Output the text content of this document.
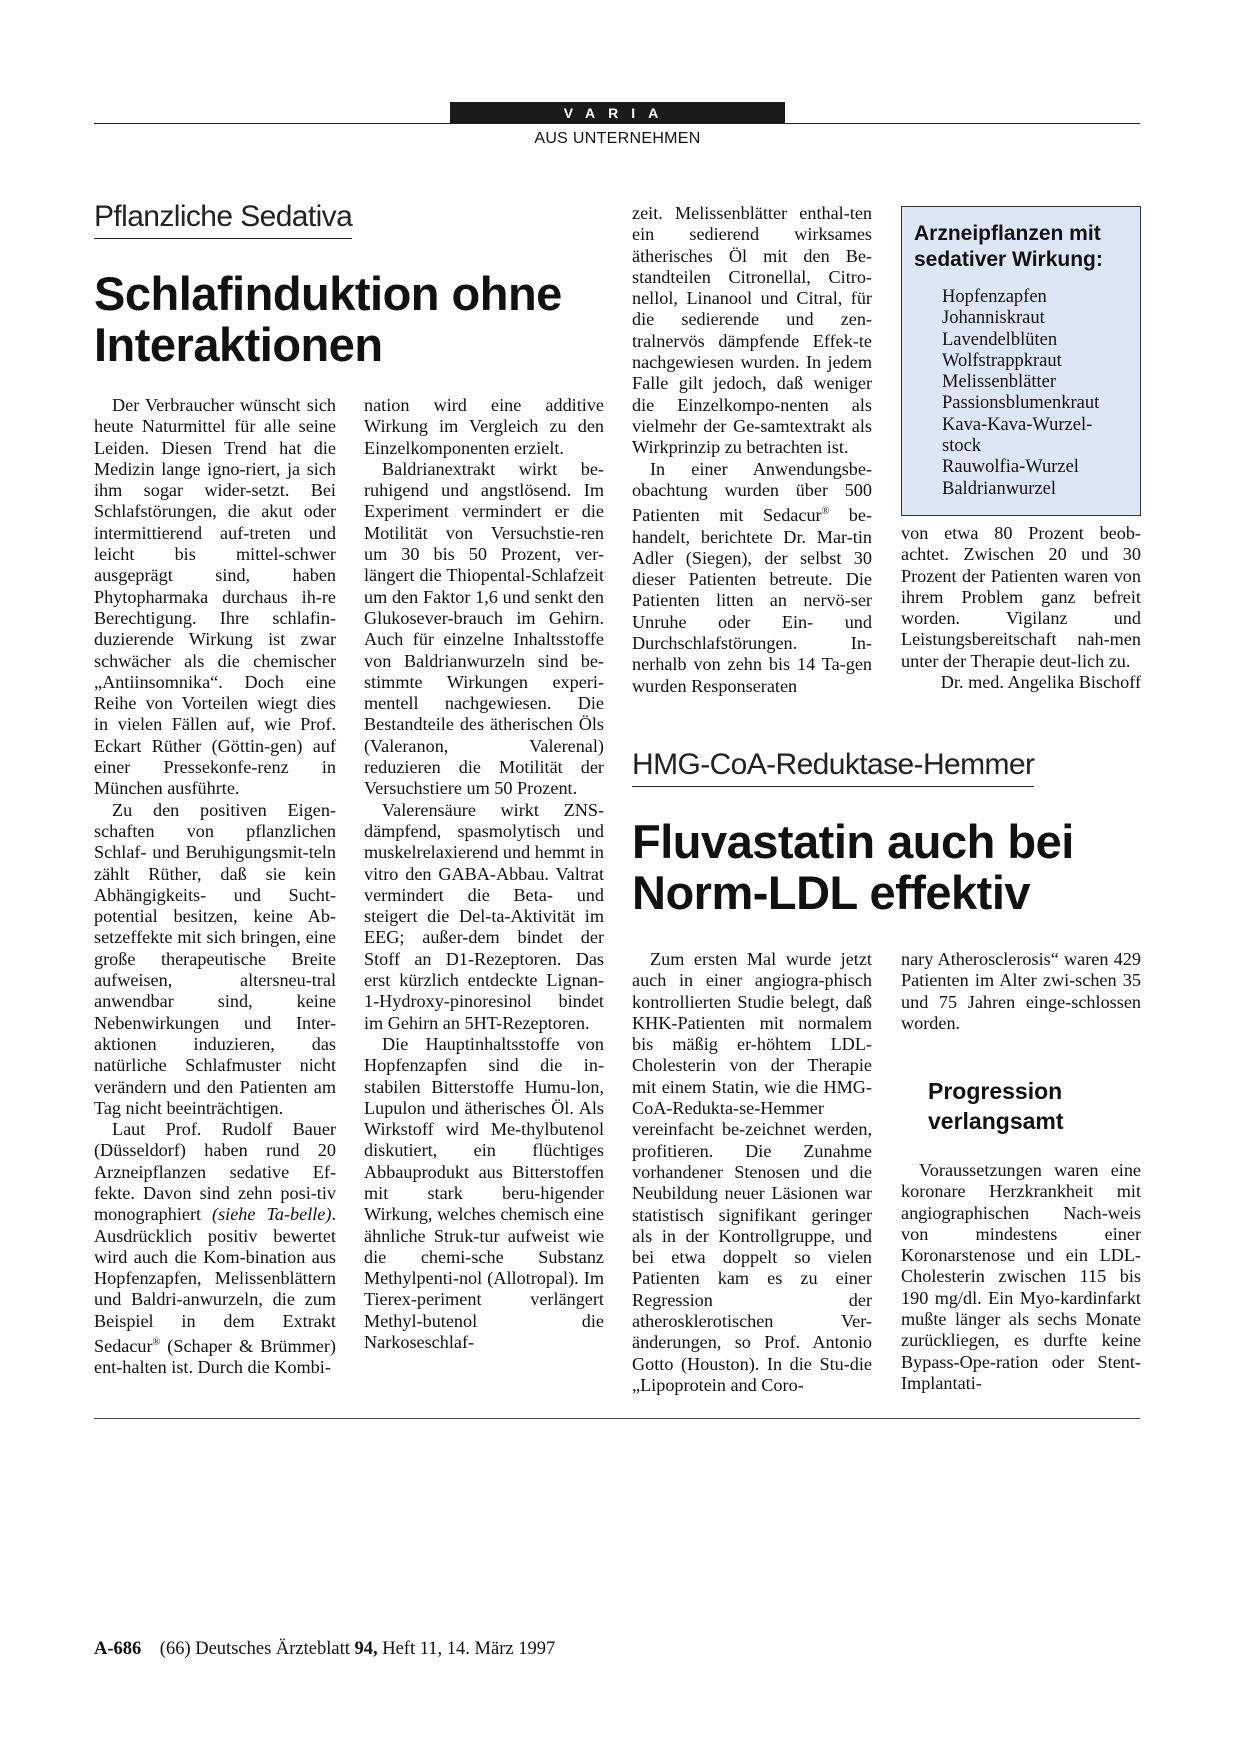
VARIA
AUS UNTERNEHMEN
Pflanzliche Sedativa
Schlafinduktion ohne
Interaktionen

Der Verbraucher wünscht sich heute Naturmittel für alle seine Leiden. Diesen Trend hat die Medizin lange igno-riert, ja sich ihm sogar wider-setzt. Bei Schlafstörungen, die akut oder intermittierend auf-treten und leicht bis mittel-schwer ausgeprägt sind, haben Phytopharmaka durchaus ih-re Berechtigung. Ihre schlafin-duzierende Wirkung ist zwar schwächer als die chemischer „Antiinsomnika“. Doch eine Reihe von Vorteilen wiegt dies in vielen Fällen auf, wie Prof. Eckart Rüther (Göttin-gen) auf einer Pressekonfe-renz in München ausführte.

Zu den positiven Eigen-schaften von pflanzlichen Schlaf- und Beruhigungsmit-teln zählt Rüther, daß sie kein Abhängigkeits- und Sucht-potential besitzen, keine Ab-setzeffekte mit sich bringen, eine große therapeutische Breite aufweisen, altersneu-tral anwendbar sind, keine Nebenwirkungen und Inter-aktionen induzieren, das natürliche Schlafmuster nicht verändern und den Patienten am Tag nicht beeinträchtigen.

Laut Prof. Rudolf Bauer (Düsseldorf) haben rund 20 Arzneipflanzen sedative Ef-fekte. Davon sind zehn posi-tiv monographiert (siehe Ta-belle). Ausdrücklich positiv bewertet wird auch die Kom-bination aus Hopfenzapfen, Melissenblättern und Baldri-anwurzeln, die zum Beispiel in dem Extrakt Sedacur® (Schaper & Brümmer) ent-halten ist. Durch die Kombi-

nation wird eine additive Wirkung im Vergleich zu den Einzelkomponenten erzielt.

Baldrianextrakt wirkt be-ruhigend und angstlösend. Im Experiment vermindert er die Motilität von Versuchstie-ren um 30 bis 50 Prozent, ver-längert die Thiopental-Schlafzeit um den Faktor 1,6 und senkt den Glukosever-brauch im Gehirn. Auch für einzelne Inhaltsstoffe von Baldrianwurzeln sind be-stimmte Wirkungen experi-mentell nachgewiesen. Die Bestandteile des ätherischen Öls (Valeranon, Valerenal) reduzieren die Motilität der Versuchstiere um 50 Prozent.

Valerensäure wirkt ZNS-dämpfend, spasmolytisch und muskelrelaxierend und hemmt in vitro den GABA-Abbau. Valtrat vermindert die Beta- und steigert die Del-ta-Aktivität im EEG; außer-dem bindet der Stoff an D1-Rezeptoren. Das erst kürzlich entdeckte Lignan-1-Hydroxy-pinoresinol bindet im Gehirn an 5HT-Rezeptoren.

Die Hauptinhaltsstoffe von Hopfenzapfen sind die in-stabilen Bitterstoffe Humu-lon, Lupulon und ätherisches Öl. Als Wirkstoff wird Me-thylbutenol diskutiert, ein flüchtiges Abbauprodukt aus Bitterstoffen mit stark beru-higender Wirkung, welches chemisch eine ähnliche Struk-tur aufweist wie die chemi-sche Substanz Methylpenti-nol (Allotropal). Im Tierex-periment verlängert Methyl-butenol die Narkoseschlaf-

zeit. Melissenblätter enthal-ten ein sedierend wirksames ätherisches Öl mit den Be-standteilen Citronellal, Citro-nellol, Linanool und Citral, für die sedierende und zen-tralnervös dämpfende Effek-te nachgewiesen wurden. In jedem Falle gilt jedoch, daß weniger die Einzelkompo-nenten als vielmehr der Ge-samtextrakt als Wirkprinzip zu betrachten ist.

In einer Anwendungsbe-obachtung wurden über 500 Patienten mit Sedacur® be-handelt, berichtete Dr. Mar-tin Adler (Siegen), der selbst 30 dieser Patienten betreute. Die Patienten litten an nervö-ser Unruhe oder Ein- und Durchschlafstörungen. In-nerhalb von zehn bis 14 Ta-gen wurden Responseraten

Arzneipflanzen mit
sedativer Wirkung:
Hopfenzapfen
Johanniskraut
Lavendelblüten
Wolfstrappkraut
Melissenblätter
Passionsblumenkraut
Kava-Kava-Wurzel-
stock
Rauwolfia-Wurzel
Baldrianwurzel

von etwa 80 Prozent beob-achtet. Zwischen 20 und 30 Prozent der Patienten waren von ihrem Problem ganz befreit worden. Vigilanz und Leistungsbereitschaft nah-men unter der Therapie deut-lich zu.

Dr. med. Angelika Bischoff

HMG-CoA-Reduktase-Hemmer
Fluvastatin auch bei
Norm-LDL effektiv

Zum ersten Mal wurde jetzt auch in einer angiogra-phisch kontrollierten Studie belegt, daß KHK-Patienten mit normalem bis mäßig er-höhtem LDL-Cholesterin von der Therapie mit einem Statin, wie die HMG-CoA-Reduktа-se-Hemmer vereinfacht be-zeichnet werden, profitieren. Die Zunahme vorhandener Stenosen und die Neubildung neuer Läsionen war statistisch signifikant geringer als in der Kontrollgruppe, und bei etwa doppelt so vielen Patienten kam es zu einer Regression der atherosklerotischen Ver-änderungen, so Prof. Antonio Gotto (Houston). In die Stu-die „Lipoprotein and Coro-

nary Atherosclerosis“ waren 429 Patienten im Alter zwi-schen 35 und 75 Jahren einge-schlossen worden.

Progression
verlangsamt

Voraussetzungen waren eine koronare Herzkrankheit mit angiographischen Nach-weis von mindestens einer Koronarstenose und ein LDL-Cholesterin zwischen 115 bis 190 mg/dl. Ein Myo-kardinfarkt mußte länger als sechs Monate zurückliegen, es durfte keine Bypass-Ope-ration oder Stent-Implantati-

A-686 (66) Deutsches Ärzteblatt 94, Heft 11, 14. März 1997
